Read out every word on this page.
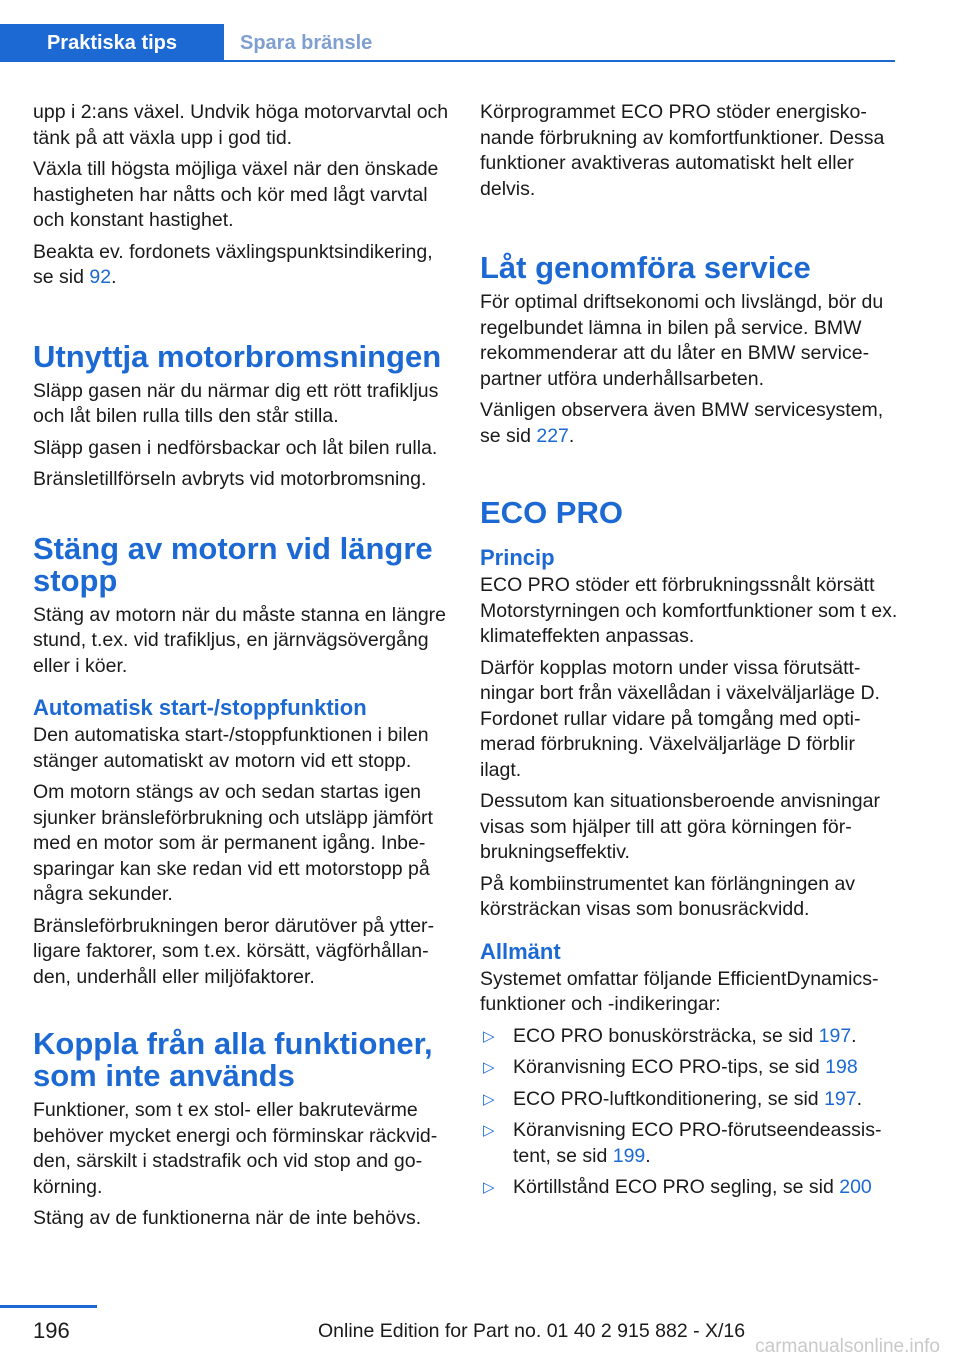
Praktiska tips	Spara bränsle

upp i 2:ans växel. Undvik höga motorvarvtal och tänk på att växla upp i god tid.

Växla till högsta möjliga växel när den önskade hastigheten har nåtts och kör med lågt varvtal och konstant hastighet.

Beakta ev. fordonets växlingspunktsindikering, se sid 92.

Utnyttja motorbromsningen

Släpp gasen när du närmar dig ett rött trafikljus och låt bilen rulla tills den står stilla.

Släpp gasen i nedförsbackar och låt bilen rulla.

Bränsletillförseln avbryts vid motorbromsning.

Stäng av motorn vid längre stopp

Stäng av motorn när du måste stanna en längre stund, t.ex. vid trafikljus, en järnvägsövergång eller i köer.

Automatisk start-/stoppfunktion

Den automatiska start-/stoppfunktionen i bilen stänger automatiskt av motorn vid ett stopp.

Om motorn stängs av och sedan startas igen sjunker bränsleförbrukning och utsläpp jämfört med en motor som är permanent igång. Inbesparingar kan ske redan vid ett motorstopp på några sekunder.

Bränsleförbrukningen beror därutöver på ytterligare faktorer, som t.ex. körsätt, vägförhållanden, underhåll eller miljöfaktorer.

Koppla från alla funktioner, som inte används

Funktioner, som t ex stol- eller bakrutevärme behöver mycket energi och förminskar räckvidden, särskilt i stadstrafik och vid stop and go-körning.

Stäng av de funktionerna när de inte behövs.

Körprogrammet ECO PRO stöder energiskonande förbrukning av komfortfunktioner. Dessa funktioner avaktiveras automatiskt helt eller delvis.

Låt genomföra service

För optimal driftsekonomi och livslängd, bör du regelbundet lämna in bilen på service. BMW rekommenderar att du låter en BMW servicepartner utföra underhållsarbeten.

Vänligen observera även BMW servicesystem, se sid 227.

ECO PRO
Princip

ECO PRO stöder ett förbrukningssnålt körsätt Motorstyrningen och komfortfunktioner som t ex. klimateffekten anpassas.

Därför kopplas motorn under vissa förutsättningar bort från växellådan i växelväljarläge D. Fordonet rullar vidare på tomgång med optimerad förbrukning. Växelväljarläge D förblir ilagt.

Dessutom kan situationsberoende anvisningar visas som hjälper till att göra körningen förbrukningseffektiv.

På kombiinstrumentet kan förlängningen av körsträckan visas som bonusräckvidd.

Allmänt

Systemet omfattar följande EfficientDynamics-funktioner och -indikeringar:

▷ ECO PRO bonuskörsträcka, se sid 197.
▷ Köranvisning ECO PRO-tips, se sid 198
▷ ECO PRO-luftkonditionering, se sid 197.
▷ Köranvisning ECO PRO-förutseendeassistent, se sid 199.
▷ Körtillstånd ECO PRO segling, se sid 200
196	Online Edition for Part no. 01 40 2 915 882 - X/16
carmanualsonline.info
